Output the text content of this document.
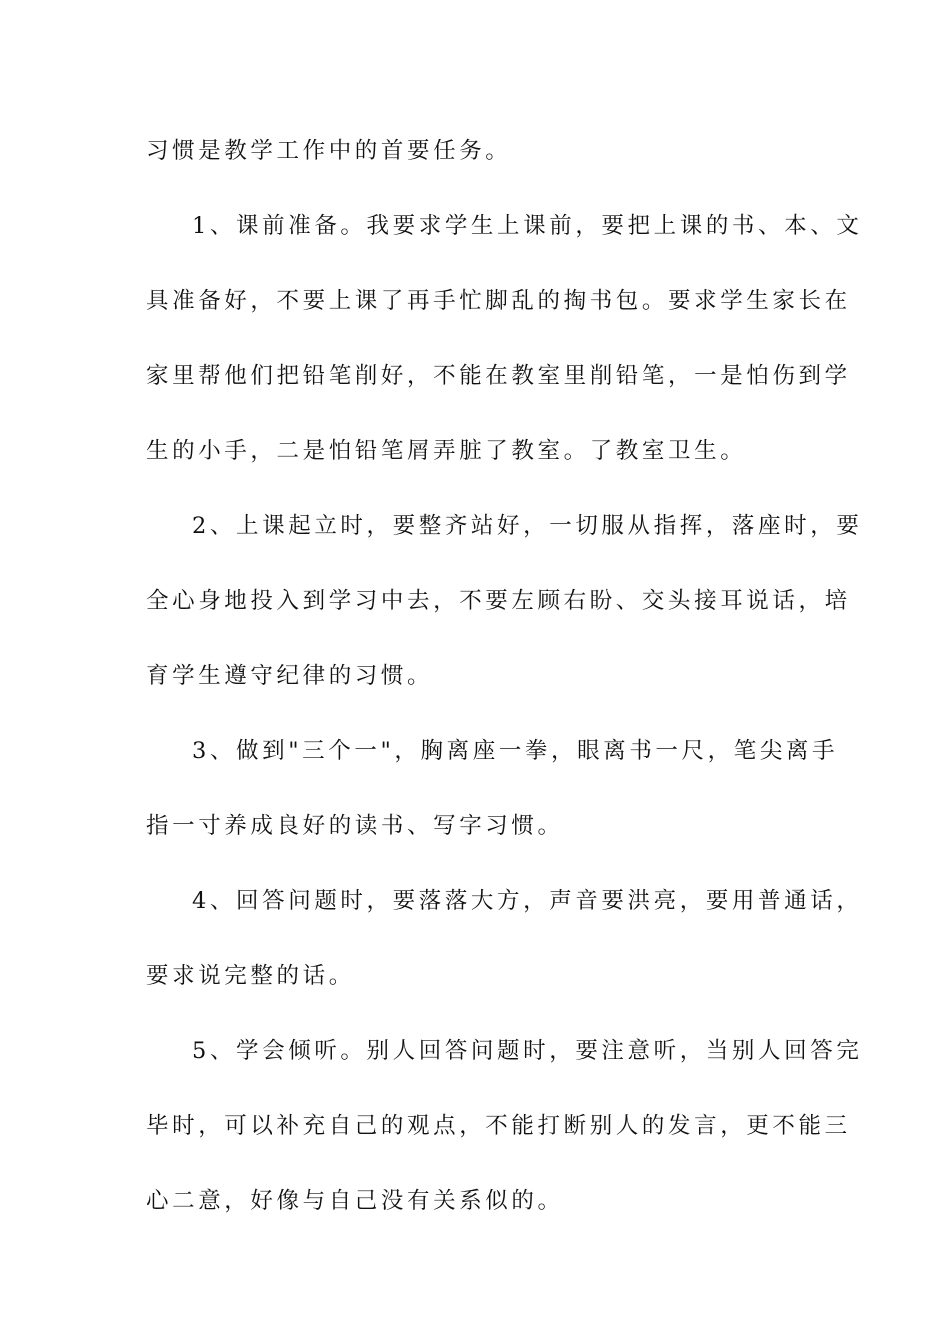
习惯是教学工作中的首要任务。
1、课前准备。我要求学生上课前，要把上课的书、本、文
具准备好，不要上课了再手忙脚乱的掏书包。要求学生家长在
家里帮他们把铅笔削好，不能在教室里削铅笔，一是怕伤到学
生的小手，二是怕铅笔屑弄脏了教室。了教室卫生。
2、上课起立时，要整齐站好，一切服从指挥，落座时，要
全心身地投入到学习中去，不要左顾右盼、交头接耳说话，培
育学生遵守纪律的习惯。
3、做到"三个一"，胸离座一拳，眼离书一尺，笔尖离手
指一寸养成良好的读书、写字习惯。
4、回答问题时，要落落大方，声音要洪亮，要用普通话，
要求说完整的话。
5、学会倾听。别人回答问题时，要注意听，当别人回答完
毕时，可以补充自己的观点，不能打断别人的发言，更不能三
心二意，好像与自己没有关系似的。
